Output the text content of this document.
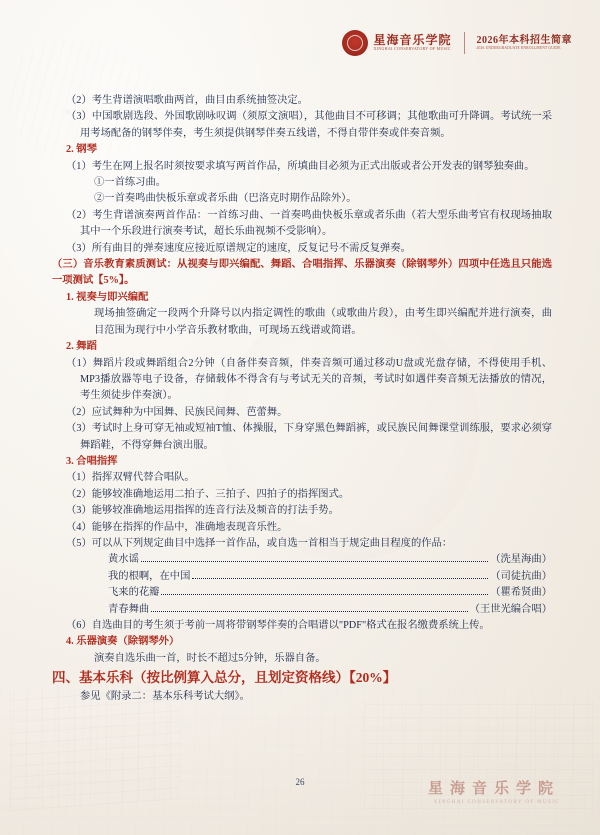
星海音乐学院
XINGHAI CONSERVATORY OF MUSIC
2026年本科招生简章
2026 UNDERGRADUATE ENROLLMENT GUIDE

（2）考生背谱演唱歌曲两首，曲目由系统抽签决定。

（3）中国歌剧选段、外国歌剧咏叹调（须原文演唱），其他曲目不可移调；其他歌曲可升降调。考试统一采用考场配备的钢琴伴奏，考生须提供钢琴伴奏五线谱，不得自带伴奏或伴奏音频。

2. 钢琴

（1）考生在网上报名时须按要求填写两首作品，所填曲目必须为正式出版或者公开发表的钢琴独奏曲。

①一首练习曲。

②一首奏鸣曲快板乐章或者乐曲（巴洛克时期作品除外）。

（2）考生背谱演奏两首作品：一首练习曲、一首奏鸣曲快板乐章或者乐曲（若大型乐曲考官有权现场抽取其中一个乐段进行演奏考试，超长乐曲视频不受影响）。

（3）所有曲目的弹奏速度应接近原谱规定的速度，反复记号不需反复弹奏。

（三）音乐教育素质测试：从视奏与即兴编配、舞蹈、合唱指挥、乐器演奏（除钢琴外）四项中任选且只能选一项测试【5%】。

1. 视奏与即兴编配

现场抽签确定一段两个升降号以内指定调性的歌曲（或歌曲片段），由考生即兴编配并进行演奏，曲目范围为现行中小学音乐教材歌曲，可现场五线谱或简谱。

2. 舞蹈

（1）舞蹈片段或舞蹈组合2分钟（自备伴奏音频，伴奏音频可通过移动U盘或光盘存储，不得使用手机、MP3播放器等电子设备，存储载体不得含有与考试无关的音频，考试时如遇伴奏音频无法播放的情况，考生须徒步伴奏演）。

（2）应试舞种为中国舞、民族民间舞、芭蕾舞。

（3）考试时上身可穿无袖或短袖T恤、体操服，下身穿黑色舞蹈裤，或民族民间舞课堂训练服，要求必须穿舞蹈鞋，不得穿舞台演出服。

3. 合唱指挥

（1）指挥双臂代替合唱队。

（2）能够较准确地运用二拍子、三拍子、四拍子的指挥图式。

（3）能够较准确地运用指挥的连音行法及频音的打法手势。

（4）能够在指挥的作品中，准确地表现音乐性。

（5）可以从下列规定曲目中选择一首作品，或自选一首相当于规定曲目程度的作品：

黄水谣	（洗星海曲）
我的根啊，在中国	（司徒抗曲）
飞来的花瓣	（瞿希贤曲）
青春舞曲	（王世光编合唱）

（6）自选曲目的考生须于考前一周将带钢琴伴奏的合唱谱以"PDF"格式在报名缴费系统上传。

4. 乐器演奏（除钢琴外）

演奏自选乐曲一首，时长不超过5分钟，乐器自备。

四、基本乐科（按比例算入总分，且划定资格线）【20%】

参见《附录二：基本乐科考试大纲》。

26	星海音乐学院
XINGHAI CONSERVATORY OF MUSIC
